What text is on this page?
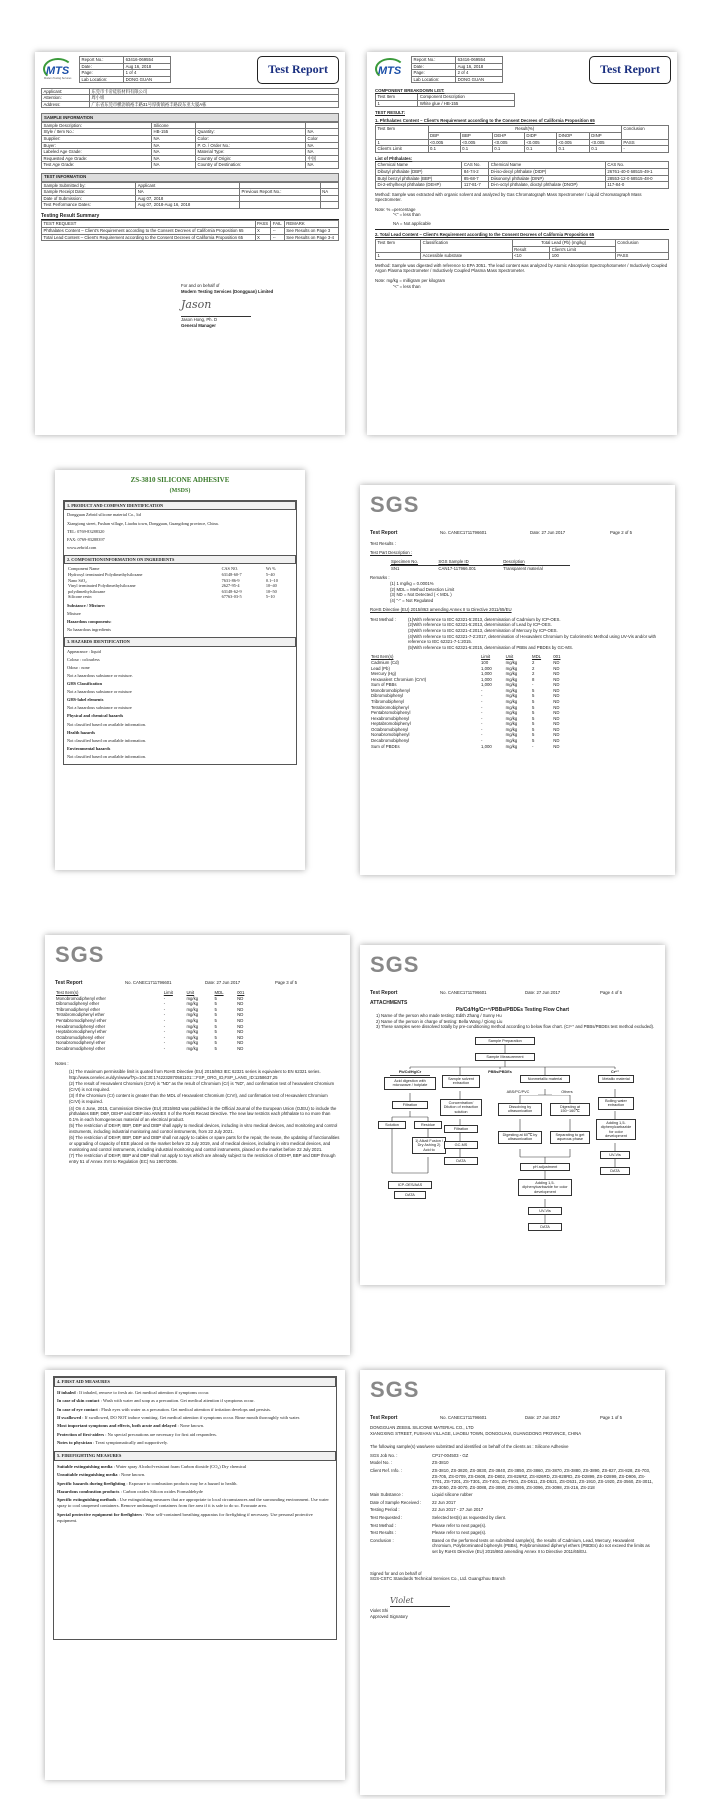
MTS
Modern Testing Services
Report No.:	63416-069554
Date:	Aug 16, 2018
Page:	1 of 4
Lab Location:	DONG GUAN
Test Report
Applicant:	东莞市卡帝硅胶材料有限公司
Attention:	周小姐
Address:	广东省东莞市横沥镇裕丰路31号厚街镇裕丰路段东亚大厦A栋
SAMPLE INFORMATION
Sample Description:	Silicone		
Style / Item No.:	HB-155	Quantity:	NA
Supplier:	NA	Color:	Color
Buyer:	NA	P. O. / Order No.:	NA
Labeled Age Grade:	NA	Material Type:	NA
Requested Age Grade:	NA	Country of Origin:	中国
Test Age Grade:	NA	Country of Destination:	NA
TEST INFORMATION
Sample Submitted by:	Applicant		
Sample Receipt Date:	NA	Previous Report No.:	NA
Date of Submission:	Aug 07, 2018		
Test Performance Dates:	Aug 07, 2018-Aug 16, 2018		
Testing Result Summary
TEST REQUEST	PASS	FAIL	REMARK
Phthalates Content – Client's Requirement according to the Consent Decrees of California Proposition 65	X	--	See Results on Page 3
Total Lead Content – Client's Requirement according to the Consent Decrees of California Proposition 65	X	--	See Results on Page 3-4
For and on behalf of
Modern Testing Services (Dongguan) Limited
Jason
Jason Hong, Ph. D
General Manager
MTS
Report No.:	63416-069554
Date:	Aug 16, 2018
Page:	2 of 4
Lab Location:	DONG GUAN
Test Report
COMPONENT BREAKDOWN LIST:
Test Item	Component Description
1	White glue / HB-155
TEST RESULT:
1. Phthalates Content – Client's Requirement according to the Consent Decrees of California Proposition 65
Test Item	Result(%)						Conclusion
	DBP	BBP	DEHP	DIDP	DINOP	DINP	
1	<0.005	<0.005	<0.005	<0.005	<0.005	<0.005	PASS
Client's Limit	0.1	0.1	0.1	0.1	0.1	0.1	-
List of Phthalates:
Chemical Name	CAS No.	Chemical Name	CAS No.
Dibutyl phthalate (DBP)	84-74-2	Di-iso-decyl phthalate (DIDP)	26761-40-0 68515-49-1
Butyl benzyl phthalate (BBP)	85-68-7	Diisononyl phthalate (DINP)	28553-12-0 68515-48-0
Di-2-ethylhexyl phthalate (DEHP)	117-81-7	Di-n-octyl phthalate, dioctyl phthalate (DNOP)	117-84-0
Method: Sample was extracted with organic solvent and analyzed by Gas Chromatograph Mass Spectrometer / Liquid Chromatograph Mass Spectrometer.
Note: % =percentage
“<” = less than
NA = Not applicable
2. Total Lead Content – Client's Requirement according to the Consent Decrees of California Proposition 65
Test Item	Classification	Total Lead (Pb) (mg/kg)		Conclusion
		Result	Client's Limit	
1	Accessible substrate	<10	100	PASS
Method: Sample was digested with reference to EPA 3051. The lead content was analyzed by Atomic Absorption Spectrophotometer / Inductively Coupled Argon Plasma Spectrometer / Inductively Coupled Plasma Mass Spectrometer.
Note: mg/kg = milligram per kilogram
“<” = less than
ZS-3810 SILICONE ADHESIVE
(MSDS)
1. PRODUCT AND COMPANY IDENTIFICATION

Dongguan Zebrid silicone material Co., ltd

Xiangtong street, Fushan village, Liaobu town, Dongguan, Guangdong province, China.

TEL: 0769-83288320

FAX: 0769-83288397

www.zebrid.com

2. COMPOSITION/INFORMATION ON INGREDIENTS
Component Name	CAS NO.	Wt %
Hydroxyl terminated Polydimethylsiloxane	63148-60-7	5~40
Nano SiO₂	7631-86-9	0.1~10
Vinyl terminated Polydimethylsiloxane	2627-95-4	10~40
polydimethylsiloxane	63148-62-9	10~50
Silicone resin	67763-03-5	5~10

Substance / Mixture:

Mixture

Hazardous components:

No hazardous ingredients

3. HAZARDS IDENTIFICATION

Appearance : liquid

Colour : colourless

Odour : none

Not a hazardous substance or mixture.

GHS Classification

Not a hazardous substance or mixture

GHS-label elements

Not a hazardous substance or mixture

Physical and chemical hazards

Not classified based on available information.

Health hazards

Not classified based on available information.

Environmental hazards

Not classified based on available information.

SGS
Test Report	No. CANEC1711796601	Date: 27 Jun 2017	Page 2 of 5
Test Results :
Test Part Description :
Specimen No.	SGS Sample ID	Description
SN1	CAN17-117966.001	Transparent material
Remarks :
(1) 1 mg/kg = 0.0001%
(2) MDL = Method Detection Limit
(3) ND = Not Detected ( < MDL )
(4) "-" = Not Regulated
RoHS Directive (EU) 2015/863 amending Annex II to Directive 2011/65/EU
Test Method :	(1)With reference to IEC 62321-5:2013, determination of Cadmium by ICP-OES.
(2)With reference to IEC 62321-5:2013, determination of Lead by ICP-OES.
(3)With reference to IEC 62321-4:2013, determination of Mercury by ICP-OES.
(4)With reference to IEC 62321-7-2:2017, determination of Hexavalent Chromium by Colorimetric Method using UV-Vis and/or with reference to IEC 62321-7-1:2015.
(5)With reference to IEC 62321-6:2015, determination of PBBs and PBDEs by GC-MS.
Test Item(s)	Limit	Unit	MDL	001
Cadmium (Cd)	100	mg/kg	2	ND
Lead (Pb)	1,000	mg/kg	2	ND
Mercury (Hg)	1,000	mg/kg	2	ND
Hexavalent Chromium (CrVI)	1,000	mg/kg	8	ND
Sum of PBBs	1,000	mg/kg	-	ND
Monobromobiphenyl	-	mg/kg	5	ND
Dibromobiphenyl	-	mg/kg	5	ND
Tribromobiphenyl	-	mg/kg	5	ND
Tetrabromobiphenyl	-	mg/kg	5	ND
Pentabromobiphenyl	-	mg/kg	5	ND
Hexabromobiphenyl	-	mg/kg	5	ND
Heptabromobiphenyl	-	mg/kg	5	ND
Octabromobiphenyl	-	mg/kg	5	ND
Nonabromobiphenyl	-	mg/kg	5	ND
Decabromobiphenyl	-	mg/kg	5	ND
Sum of PBDEs	1,000	mg/kg	-	ND
SGS
Test Report	No. CANEC1711796601	Date: 27 Jun 2017	Page 3 of 5
Test Item(s)	Limit	Unit	MDL	001
Monobromodiphenyl ether	-	mg/kg	5	ND
Dibromodiphenyl ether	-	mg/kg	5	ND
Tribromodiphenyl ether	-	mg/kg	5	ND
Tetrabromodiphenyl ether	-	mg/kg	5	ND
Pentabromodiphenyl ether	-	mg/kg	5	ND
Hexabromodiphenyl ether	-	mg/kg	5	ND
Heptabromodiphenyl ether	-	mg/kg	5	ND
Octabromodiphenyl ether	-	mg/kg	5	ND
Nonabromodiphenyl ether	-	mg/kg	5	ND
Decabromodiphenyl ether	-	mg/kg	5	ND
Notes :
(1) The maximum permissible limit is quoted from RoHS Directive (EU) 2015/863 IEC 62321 series is equivalent to EN 62321 series. http://www.cenelec.eu/dyn/www/f?p=104:30:1742232870581101::::FSP_ORG_ID,FSP_LANG_ID:1258637,25
(2) The result of Hexavalent Chromium (CrVI) is "ND" as the result of Chromium (Cr) is "ND", and confirmation test of hexavalent Chromium (CrVI) is not required.
(3) If the Chromium (Cr) content is greater than the MDL of Hexavalent Chromium (CrVI), and confirmation test of Hexavalent Chromium (CrVI) is required.
(4) On 4 June, 2015, Commission Directive (EU) 2015/863 was published in the Official Journal of the European Union (OJEU) to include the phthalates BBP, DBP, DEHP and DIBP into ANNEX II of the RoHS Recast Directive. The new law restricts each phthalate to no more than 0.1% in each homogeneous material of an electrical product.
(5) The restriction of DEHP, BBP, DBP and DIBP shall apply to medical devices, including in vitro medical devices, and monitoring and control instruments, including industrial monitoring and control instruments, from 22 July 2021.
(6) The restriction of DEHP, BBP, DBP and DIBP shall not apply to cables or spare parts for the repair, the reuse, the updating of functionalities or upgrading of capacity of EEE placed on the market before 22 July 2019, and of medical devices, including in vitro medical devices, and monitoring and control instruments, including industrial monitoring and control instruments, placed on the market before 22 July 2021.
(7) The restriction of DEHP, BBP and DBP shall not apply to toys which are already subject to the restriction of DEHP, BBP and DBP through entry 51 of Annex XVII to Regulation (EC) No 1907/2006.
SGS
Test Report	No. CANEC1711796601	Date: 27 Jun 2017	Page 4 of 5
ATTACHMENTS
Pb/Cd/Hg/Cr⁶⁺/PBBs/PBDEs Testing Flow Chart
1) Name of the person who made testing: Edith Zhang / Sunny Hu
2) Name of the person in charge of testing: Bella Wang / Qiong Liu
3) These samples were dissolved totally by pre-conditioning method according to below flow chart. (Cr⁶⁺ and PBBs/PBDEs test method excluded).
Sample Preparation
Sample Measurement
Pb/Cd/Hg/Cr	PBBs/PBDEs	Cr⁶⁺
Acid digestion with microwave / hotplate
Filtration
Solution	Residue
1) Alkali Fusion / Dry Ashing 2) Acid to
ICP-OES/AAS
DATA
Sample solvent extraction
Concentration/ Dilution of extraction solution
Filtration
GC-MS
DATA
Nonmetallic material
ABS/PC/PVC	Others
Dissolving by ultrasonication
Digesting at 150~160℃
Digesting at 60℃ by ultrasonication
Separating to get aqueous phase
pH adjustment
Adding 1,5-diphenylcarbazide for color development
UV-Vis
DATA
Metallic material
Boiling water extraction
Adding 1,5-diphenylcarbazide for color development
UV-Vis
DATA
4. FIRST AID MEASURES

If inhaled : If inhaled, remove to fresh air. Get medical attention if symptoms occur.

In case of skin contact : Wash with water and soap as a precaution. Get medical attention if symptoms occur.

In case of eye contact : Flush eyes with water as a precaution. Get medical attention if irritation develops and persists.

If swallowed : If swallowed, DO NOT induce vomiting. Get medical attention if symptoms occur. Rinse mouth thoroughly with water.

Most important symptoms and effects, both acute and delayed : None known.

Protection of first-aiders : No special precautions are necessary for first aid responders.

Notes to physician : Treat symptomatically and supportively.

5. FIREFIGHTING MEASURES

Suitable extinguishing media : Water spray Alcohol-resistant foam Carbon dioxide (CO₂) Dry chemical

Unsuitable extinguishing media : None known.

Specific hazards during firefighting : Exposure to combustion products may be a hazard to health.

Hazardous combustion products : Carbon oxides Silicon oxides Formaldehyde

Specific extinguishing methods : Use extinguishing measures that are appropriate to local circumstances and the surrounding environment. Use water spray to cool unopened containers. Remove undamaged containers from fire area if it is safe to do so. Evacuate area.

Special protective equipment for firefighters : Wear self-contained breathing apparatus for firefighting if necessary. Use personal protective equipment.

SGS
Test Report	No. CANEC1711796601	Date: 27 Jun 2017	Page 1 of 5
DONGGUAN ZEBSIL SILICONE MATERIAL CO., LTD
XIANGXING STREET, FUSHAN VILLAGE, LIAOBU TOWN, DONGGUAN, GUANGDONG PROVINCE, CHINA
The following sample(s) was/were submitted and identified on behalf of the clients as : Silicone Adhesive
SGS Job No. :	CP17-004503 - GZ
Model No. :	ZS-3810
Client Ref. Info. :	ZS-3810, ZS-3820, ZS-3830, ZS-3840, ZS-3850, ZS-3860, ZS-3870, ZS-3880, ZS-3890, ZS-827, ZS-828, ZS-703, ZS-705, ZS-D709, ZS-D608, ZS-D802, ZS-826RZ, ZS-826RD, ZS-828RD, ZS-D2899, ZS-D2899, ZS-D906, ZS-T701, ZS-T201, ZS-T301, ZS-T401, ZS-T501, ZS-D511, ZS-D521, ZS-D531, ZS-1910, ZS-1920, ZS-3560, ZS-3011, ZS-3050, ZS-3070, ZS-3088, ZS-3090, ZS-3095, ZS-3096, ZS-3098, ZS-216, ZS-218
Main Substance :	Liquid silicone rubber
Date of Sample Received :	22 Jun 2017
Testing Period :	22 Jun 2017 - 27 Jun 2017
Test Requested :	Selected test(s) as requested by client.
Test Method :	Please refer to next page(s).
Test Results :	Please refer to next page(s).
Conclusion :	Based on the performed tests on submitted sample(s), the results of Cadmium, Lead, Mercury, Hexavalent chromium, Polybrominated biphenyls (PBBs), Polybrominated diphenyl ethers (PBDEs) do not exceed the limits as set by RoHS Directive (EU) 2015/863 amending Annex II to Directive 2011/65/EU.
Signed for and on behalf of
SGS-CSTC Standards Technical Services Co., Ltd. Guangzhou Branch
Violet
Violet Shi
Approved Signatory
